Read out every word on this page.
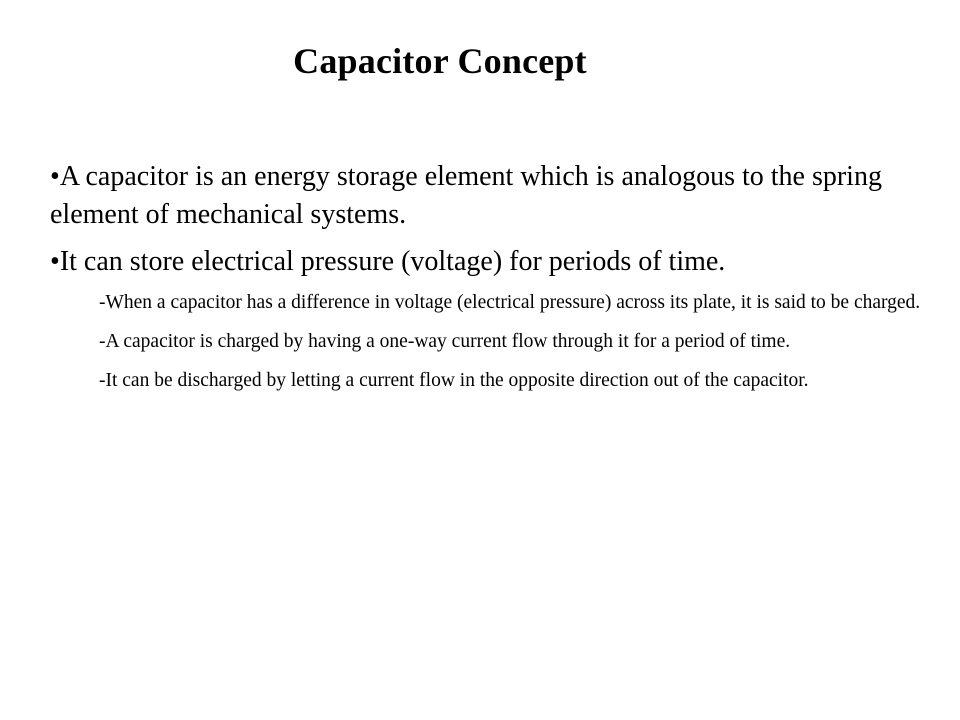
Capacitor Concept

•A capacitor is an energy storage element which is analogous to the spring element of mechanical systems.

•It can store electrical pressure (voltage) for periods of time.

-When a capacitor has a difference in voltage (electrical pressure) across its plate, it is said to be charged.

-A capacitor is charged by having a one-way current flow through it for a period of time.

-It can be discharged by letting a current flow in the opposite direction out of the capacitor.
